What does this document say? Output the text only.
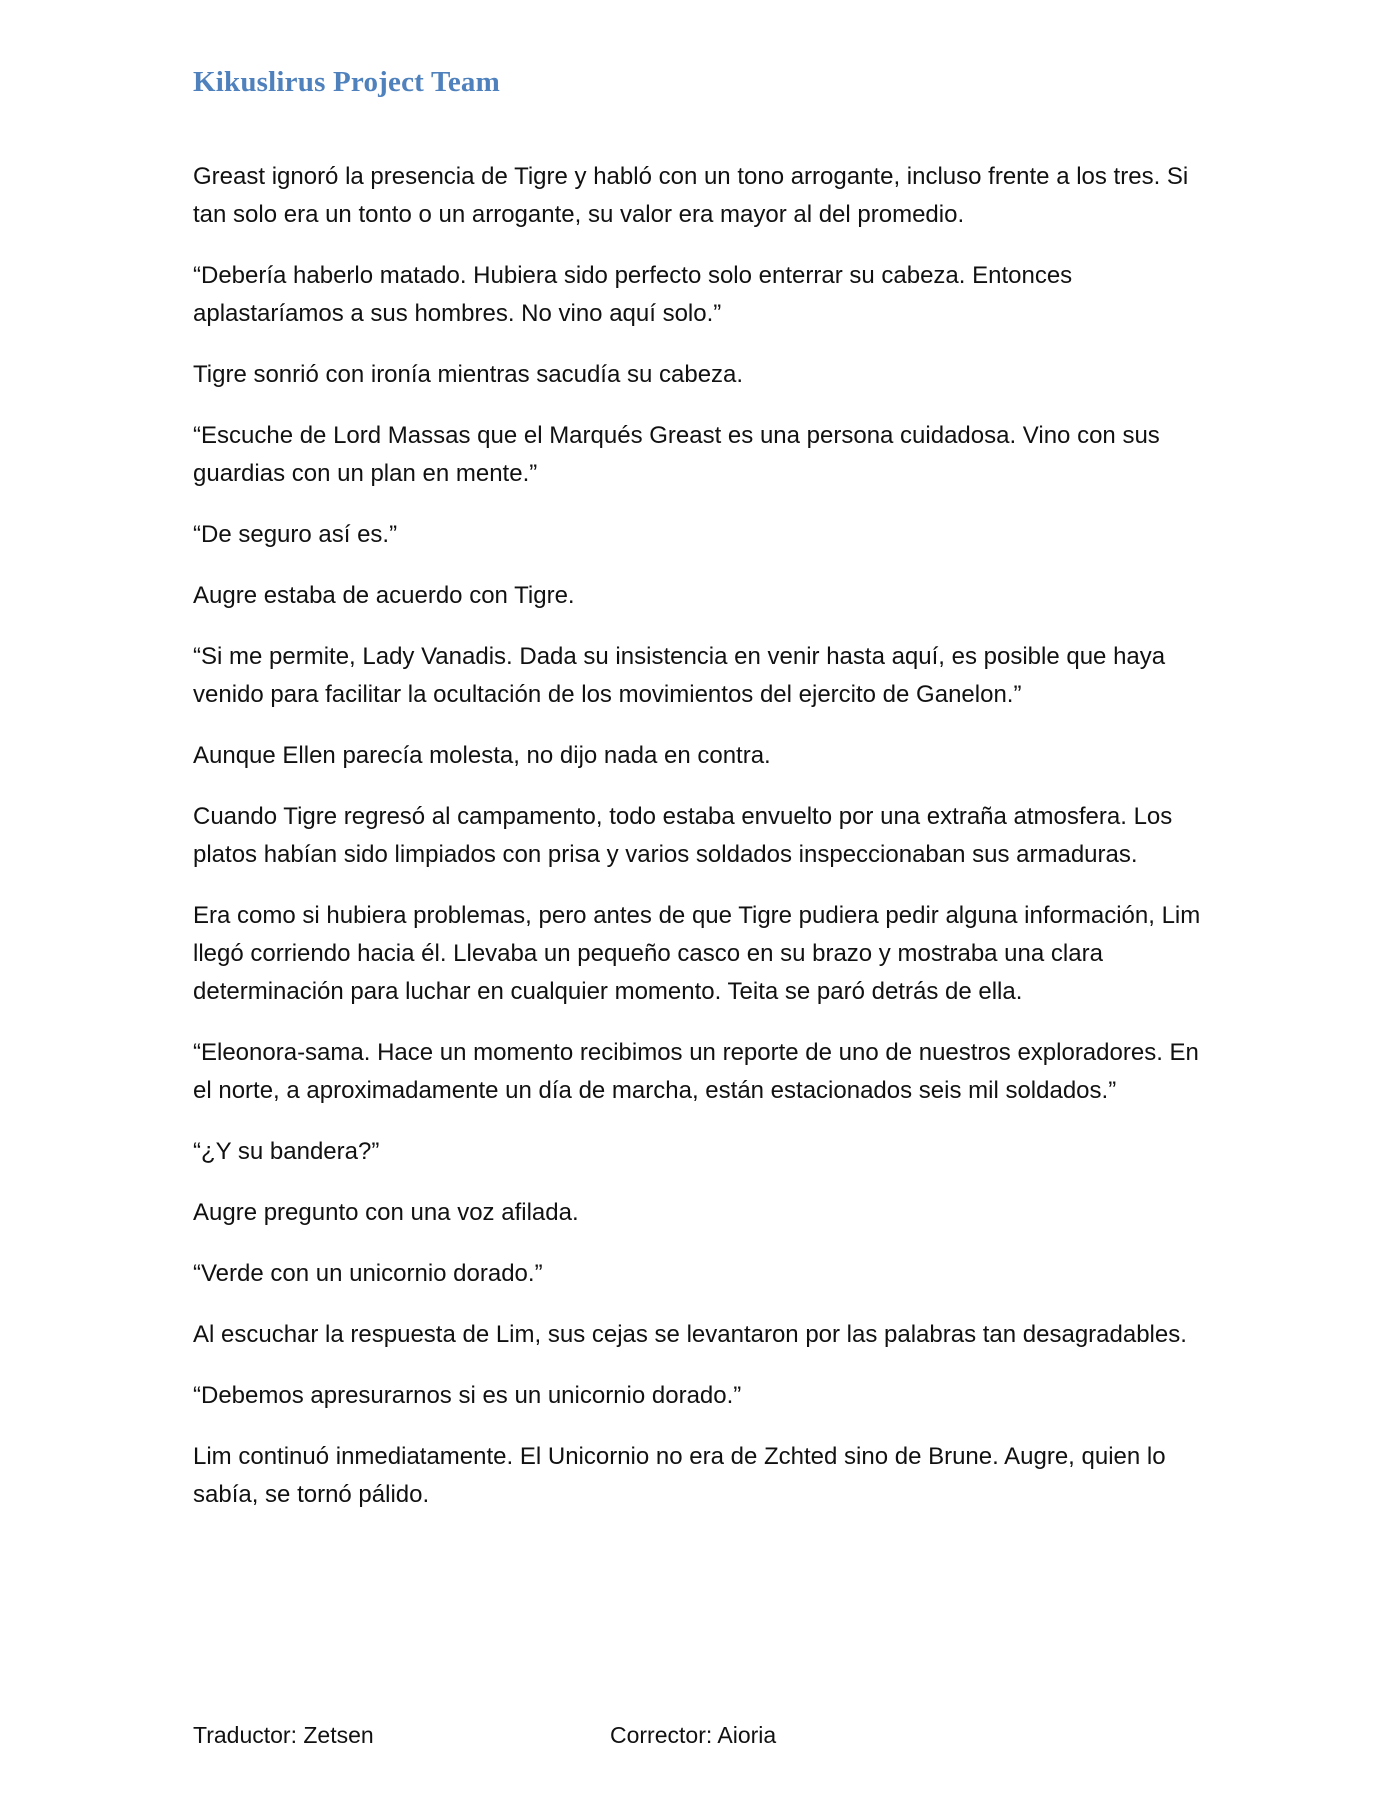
Kikuslirus Project Team

Greast ignoró la presencia de Tigre y habló con un tono arrogante, incluso frente a los tres. Si tan solo era un tonto o un arrogante, su valor era mayor al del promedio.

“Debería haberlo matado. Hubiera sido perfecto solo enterrar su cabeza. Entonces aplastaríamos a sus hombres. No vino aquí solo.”

Tigre sonrió con ironía mientras sacudía su cabeza.

“Escuche de Lord Massas que el Marqués Greast es una persona cuidadosa. Vino con sus guardias con un plan en mente.”

“De seguro así es.”

Augre estaba de acuerdo con Tigre.

“Si me permite, Lady Vanadis. Dada su insistencia en venir hasta aquí, es posible que haya venido para facilitar la ocultación de los movimientos del ejercito de Ganelon.”

Aunque Ellen parecía molesta, no dijo nada en contra.

Cuando Tigre regresó al campamento, todo estaba envuelto por una extraña atmosfera. Los platos habían sido limpiados con prisa y varios soldados inspeccionaban sus armaduras.

Era como si hubiera problemas, pero antes de que Tigre pudiera pedir alguna información, Lim llegó corriendo hacia él. Llevaba un pequeño casco en su brazo y mostraba una clara determinación para luchar en cualquier momento. Teita se paró detrás de ella.

“Eleonora-sama. Hace un momento recibimos un reporte de uno de nuestros exploradores. En el norte, a aproximadamente un día de marcha, están estacionados seis mil soldados.”

“¿Y su bandera?”

Augre pregunto con una voz afilada.

“Verde con un unicornio dorado.”

Al escuchar la respuesta de Lim, sus cejas se levantaron por las palabras tan desagradables.

“Debemos apresurarnos si es un unicornio dorado.”

Lim continuó inmediatamente. El Unicornio no era de Zchted sino de Brune. Augre, quien lo sabía, se tornó pálido.

Traductor: Zetsen	Corrector: Aioria
